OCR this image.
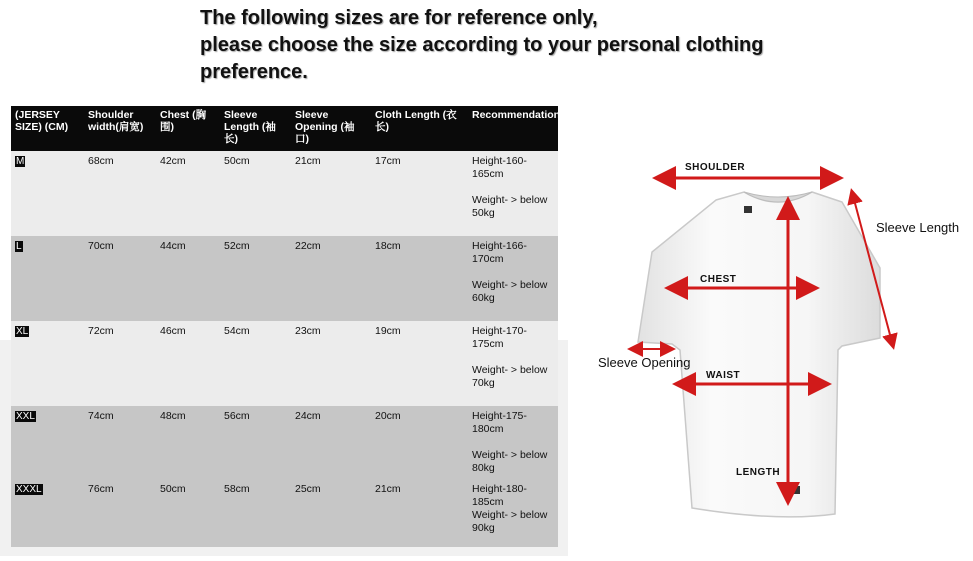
The following sizes are for reference only,
please choose the size according to your personal clothing
preference.
(JERSEY SIZE) (CM)	Shoulder width(肩宽)	Chest (胸围)	Sleeve Length (袖长)	Sleeve Opening (袖口)	Cloth Length (衣长)	Recommendation
M	68cm	42cm	50cm	21cm	17cm	Height-160-165cm
Weight- > below 50kg

L	70cm	44cm	52cm	22cm	18cm	Height-166-170cm
Weight- > below 60kg

XL	72cm	46cm	54cm	23cm	19cm	Height-170-175cm
Weight- > below 70kg

XXL	74cm	48cm	56cm	24cm	20cm	Height-175-180cm
Weight- > below 80kg

XXXL	76cm	50cm	58cm	25cm	21cm	Height-180-185cm
Weight- > below 90kg
SHOULDER
CHEST
WAIST
LENGTH
Sleeve Length
Sleeve Opening
